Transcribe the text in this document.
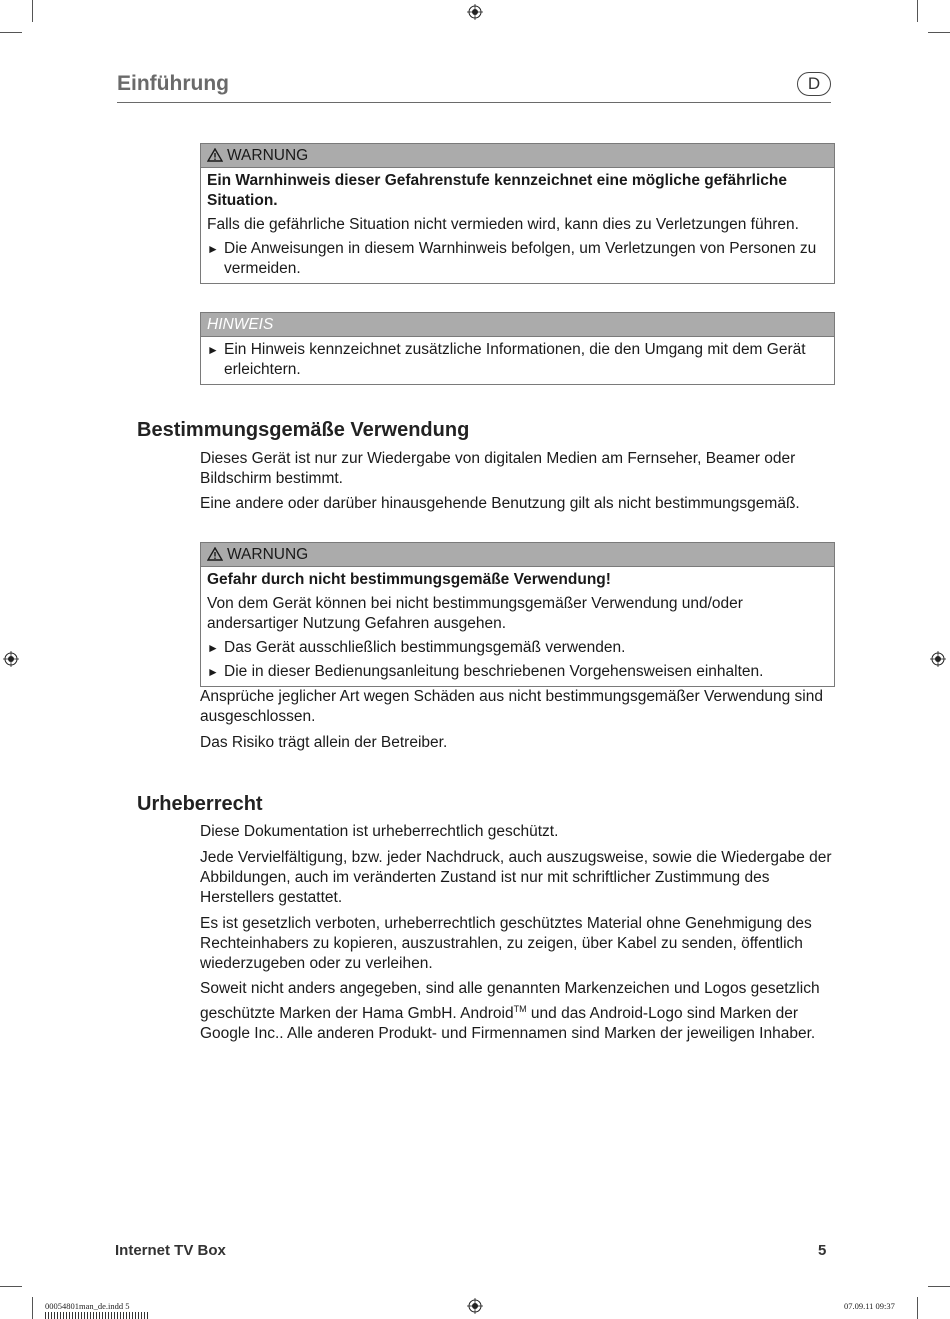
Einführung	D
WARNUNG

Ein Warnhinweis dieser Gefahrenstufe kennzeichnet eine mögliche gefährliche Situation.

Falls die gefährliche Situation nicht vermieden wird, kann dies zu Verletzungen führen.

► Die Anweisungen in diesem Warnhinweis befolgen, um Verletzungen von Personen zu vermeiden.

HINWEIS

► Ein Hinweis kennzeichnet zusätzliche Informationen, die den Umgang mit dem Gerät erleichtern.

Bestimmungsgemäße Verwendung

Dieses Gerät ist nur zur Wiedergabe von digitalen Medien am Fernseher, Beamer oder Bildschirm bestimmt.

Eine andere oder darüber hinausgehende Benutzung gilt als nicht bestimmungsgemäß.

WARNUNG

Gefahr durch nicht bestimmungsgemäße Verwendung!

Von dem Gerät können bei nicht bestimmungsgemäßer Verwendung und/oder andersartiger Nutzung Gefahren ausgehen.

► Das Gerät ausschließlich bestimmungsgemäß verwenden.

► Die in dieser Bedienungsanleitung beschriebenen Vorgehensweisen einhalten.

Ansprüche jeglicher Art wegen Schäden aus nicht bestimmungsgemäßer Verwendung sind ausgeschlossen.

Das Risiko trägt allein der Betreiber.

Urheberrecht

Diese Dokumentation ist urheberrechtlich geschützt.

Jede Vervielfältigung, bzw. jeder Nachdruck, auch auszugsweise, sowie die Wiedergabe der Abbildungen, auch im veränderten Zustand ist nur mit schriftlicher Zustimmung des Herstellers gestattet.

Es ist gesetzlich verboten, urheberrechtlich geschütztes Material ohne Genehmigung des Rechteinhabers zu kopieren, auszustrahlen, zu zeigen, über Kabel zu senden, öffentlich wiederzugeben oder zu verleihen.

Soweit nicht anders angegeben, sind alle genannten Markenzeichen und Logos gesetzlich geschützte Marken der Hama GmbH. Android™ und das Android-Logo sind Marken der Google Inc.. Alle anderen Produkt- und Firmennamen sind Marken der jeweiligen Inhaber.

Internet TV Box	5
00054801man_de.indd 5	07.09.11 09:37
